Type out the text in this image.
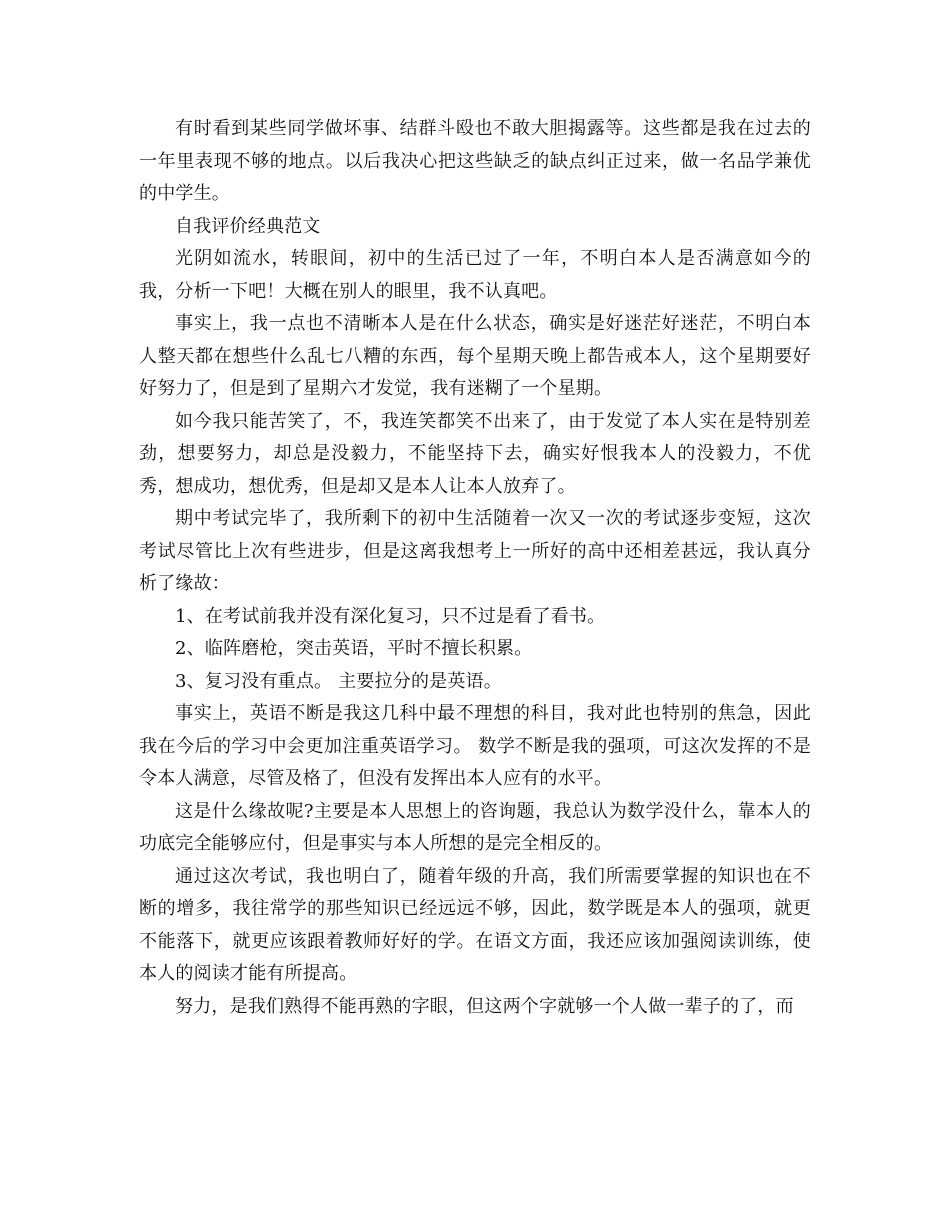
有时看到某些同学做坏事、结群斗殴也不敢大胆揭露等。这些都是我在过去的一年里表现不够的地点。以后我决心把这些缺乏的缺点纠正过来，做一名品学兼优的中学生。

自我评价经典范文

光阴如流水，转眼间，初中的生活已过了一年，不明白本人是否满意如今的我，分析一下吧！大概在别人的眼里，我不认真吧。

事实上，我一点也不清晰本人是在什么状态，确实是好迷茫好迷茫，不明白本人整天都在想些什么乱七八糟的东西，每个星期天晚上都告戒本人，这个星期要好好努力了，但是到了星期六才发觉，我有迷糊了一个星期。

如今我只能苦笑了，不，我连笑都笑不出来了，由于发觉了本人实在是特别差劲，想要努力，却总是没毅力，不能坚持下去，确实好恨我本人的没毅力，不优秀，想成功，想优秀，但是却又是本人让本人放弃了。

期中考试完毕了，我所剩下的初中生活随着一次又一次的考试逐步变短，这次考试尽管比上次有些进步，但是这离我想考上一所好的高中还相差甚远，我认真分析了缘故：

1、在考试前我并没有深化复习，只不过是看了看书。

2、临阵磨枪，突击英语，平时不擅长积累。

3、复习没有重点。 主要拉分的是英语。

事实上，英语不断是我这几科中最不理想的科目，我对此也特别的焦急，因此我在今后的学习中会更加注重英语学习。 数学不断是我的强项，可这次发挥的不是令本人满意，尽管及格了，但没有发挥出本人应有的水平。

这是什么缘故呢?主要是本人思想上的咨询题，我总认为数学没什么，靠本人的功底完全能够应付，但是事实与本人所想的是完全相反的。

通过这次考试，我也明白了，随着年级的升高，我们所需要掌握的知识也在不断的增多，我往常学的那些知识已经远远不够，因此，数学既是本人的强项，就更不能落下，就更应该跟着教师好好的学。在语文方面，我还应该加强阅读训练，使本人的阅读才能有所提高。

努力，是我们熟得不能再熟的字眼，但这两个字就够一个人做一辈子的了，而
